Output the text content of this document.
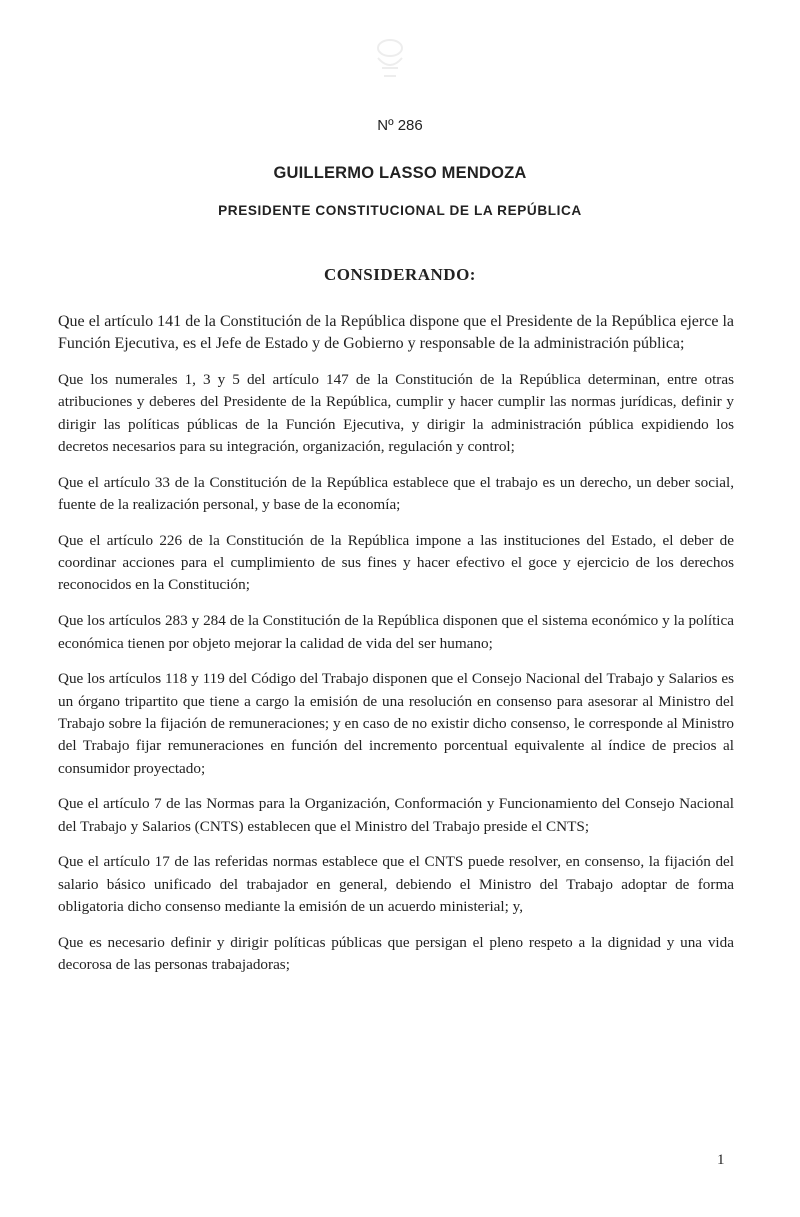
Nº 286
GUILLERMO LASSO MENDOZA
PRESIDENTE CONSTITUCIONAL DE LA REPÚBLICA
CONSIDERANDO:

Que el artículo 141 de la Constitución de la República dispone que el Presidente de la República ejerce la Función Ejecutiva, es el Jefe de Estado y de Gobierno y responsable de la administración pública;

Que los numerales 1, 3 y 5 del artículo 147 de la Constitución de la República determinan, entre otras atribuciones y deberes del Presidente de la República, cumplir y hacer cumplir las normas jurídicas, definir y dirigir las políticas públicas de la Función Ejecutiva, y dirigir la administración pública expidiendo los decretos necesarios para su integración, organización, regulación y control;

Que el artículo 33 de la Constitución de la República establece que el trabajo es un derecho, un deber social, fuente de la realización personal, y base de la economía;

Que el artículo 226 de la Constitución de la República impone a las instituciones del Estado, el deber de coordinar acciones para el cumplimiento de sus fines y hacer efectivo el goce y ejercicio de los derechos reconocidos en la Constitución;

Que los artículos 283 y 284 de la Constitución de la República disponen que el sistema económico y la política económica tienen por objeto mejorar la calidad de vida del ser humano;

Que los artículos 118 y 119 del Código del Trabajo disponen que el Consejo Nacional del Trabajo y Salarios es un órgano tripartito que tiene a cargo la emisión de una resolución en consenso para asesorar al Ministro del Trabajo sobre la fijación de remuneraciones; y en caso de no existir dicho consenso, le corresponde al Ministro del Trabajo fijar remuneraciones en función del incremento porcentual equivalente al índice de precios al consumidor proyectado;

Que el artículo 7 de las Normas para la Organización, Conformación y Funcionamiento del Consejo Nacional del Trabajo y Salarios (CNTS) establecen que el Ministro del Trabajo preside el CNTS;

Que el artículo 17 de las referidas normas establece que el CNTS puede resolver, en consenso, la fijación del salario básico unificado del trabajador en general, debiendo el Ministro del Trabajo adoptar de forma obligatoria dicho consenso mediante la emisión de un acuerdo ministerial; y,

Que es necesario definir y dirigir políticas públicas que persigan el pleno respeto a la dignidad y una vida decorosa de las personas trabajadoras;

1
